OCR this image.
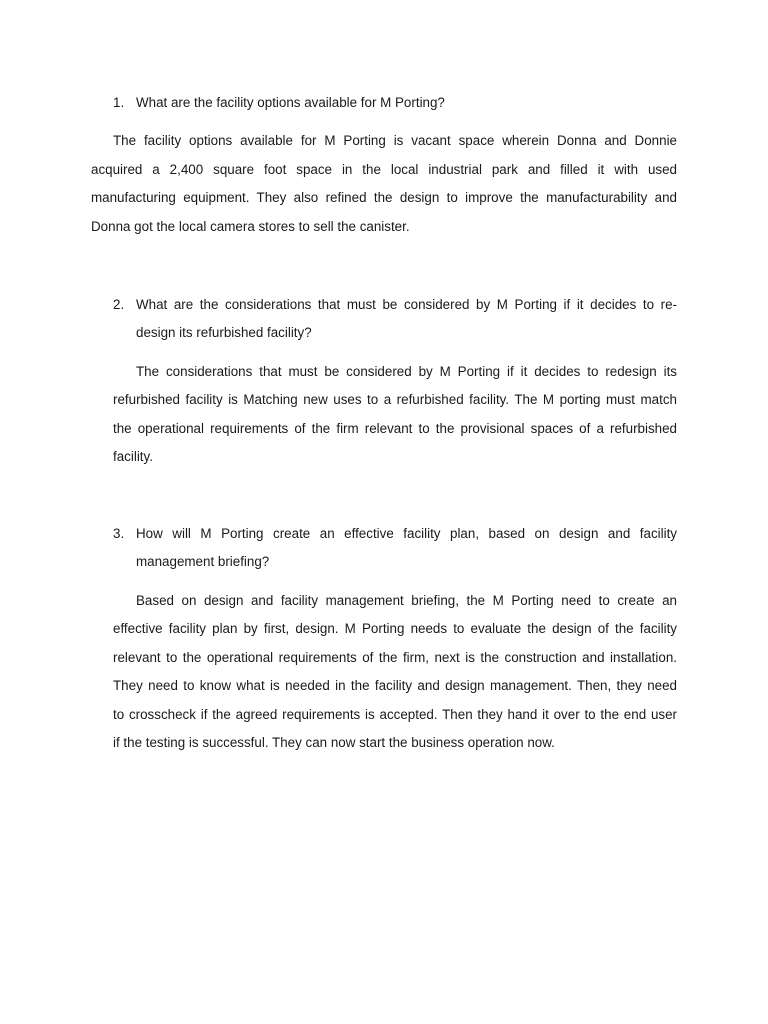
1. What are the facility options available for M Porting?
The facility options available for M Porting is vacant space wherein Donna and Donnie
acquired a 2,400 square foot space in the local industrial park and filled it with used
manufacturing equipment. They also refined the design to improve the manufacturability and
Donna got the local camera stores to sell the canister.
2. What are the considerations that must be considered by M Porting if it decides to re-
design its refurbished facility?
The considerations that must be considered by M Porting if it decides to redesign its
refurbished facility is Matching new uses to a refurbished facility. The M porting must match
the operational requirements of the firm relevant to the provisional spaces of a refurbished
facility.
3. How will M Porting create an effective facility plan, based on design and facility
management briefing?
Based on design and facility management briefing, the M Porting need to create an
effective facility plan by first, design. M Porting needs to evaluate the design of the facility
relevant to the operational requirements of the firm, next is the construction and installation.
They need to know what is needed in the facility and design management. Then, they need
to crosscheck if the agreed requirements is accepted. Then they hand it over to the end user
if the testing is successful. They can now start the business operation now.
